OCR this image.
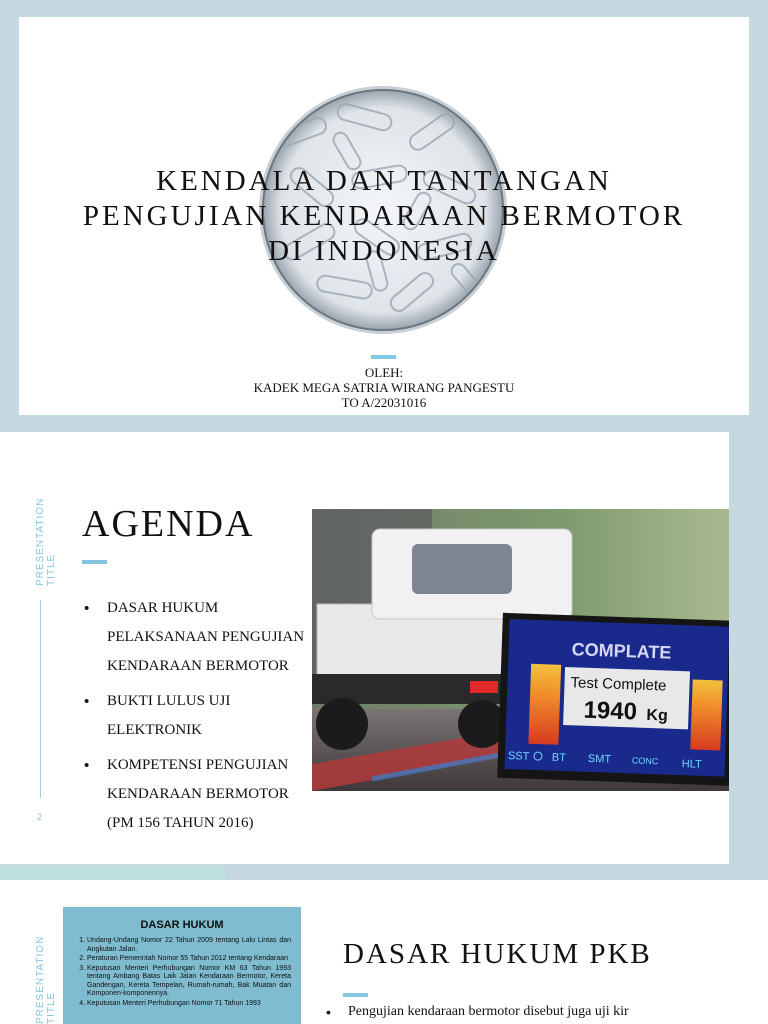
KENDALA DAN TANTANGAN
PENGUJIAN KENDARAAN BERMOTOR
DI INDONESIA
OLEH:
KADEK MEGA SATRIA WIRANG PANGESTU
TO A/22031016
PRESENTATION TITLE
2
AGENDA
• DASAR HUKUM PELAKSANAAN PENGUJIAN KENDARAAN BERMOTOR
• BUKTI LULUS UJI ELEKTRONIK
• KOMPETENSI PENGUJIAN KENDARAAN BERMOTOR (PM 156 TAHUN 2016)
COMPLATE
Test Complete
1940 Kg
SST BT SMT CONC HLT
PRESENTATION TITLE
DASAR HUKUM
1. Undang-Undang Nomor 22 Tahun 2009 tentang Lalu Lintas dan Angkutan Jalan.
2. Peraturan Pemerintah Nomor 55 Tahun 2012 tentang Kendaraan
3. Keputusan Menteri Perhubungan Nomor KM 63 Tahun 1993 tentang Ambang Batas Laik Jalan Kendaraan Bermotor, Kereta Gandengan, Kereta Tempelan, Rumah-rumah, Bak Muatan dan Komponen-komponennya.
4. Keputusan Menteri Perhubungan Nomor 71 Tahun 1993
DASAR HUKUM PKB
• Pengujian kendaraan bermotor disebut juga uji kir
